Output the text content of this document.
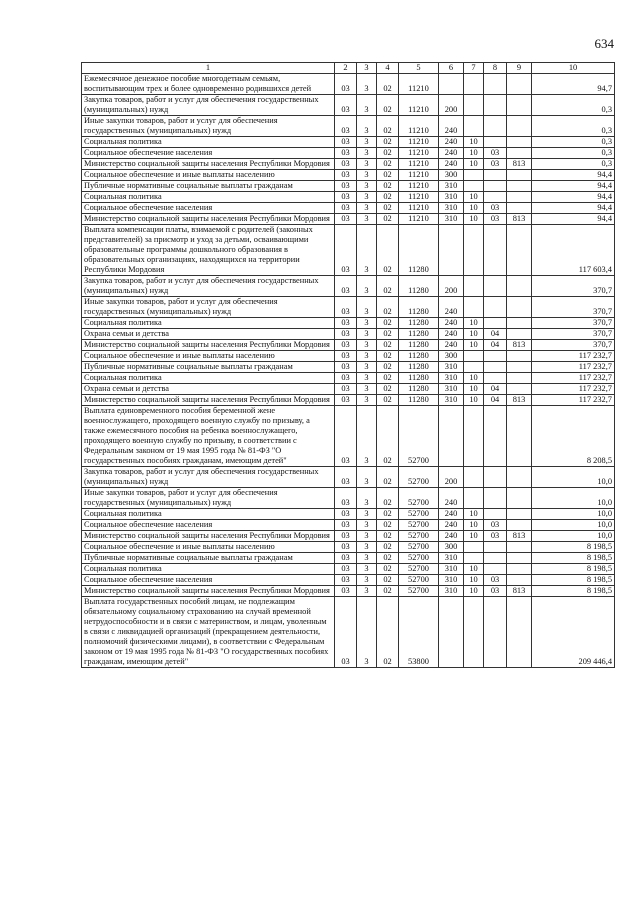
634
1	2	3	4	5	6	7	8	9	10
Ежемесячное денежное пособие многодетным семьям, воспитывающим трех и более одновременно родившихся детей	03	3	02	11210					94,7
Закупка товаров, работ и услуг для обеспечения государственных (муниципальных) нужд	03	3	02	11210	200				0,3
Иные закупки товаров, работ и услуг для обеспечения государственных (муниципальных) нужд	03	3	02	11210	240				0,3
Социальная политика	03	3	02	11210	240	10			0,3
Социальное обеспечение населения	03	3	02	11210	240	10	03		0,3
Министерство социальной защиты населения Республики Мордовия	03	3	02	11210	240	10	03	813	0,3
Социальное обеспечение и иные выплаты населению	03	3	02	11210	300				94,4
Публичные нормативные социальные выплаты гражданам	03	3	02	11210	310				94,4
Социальная политика	03	3	02	11210	310	10			94,4
Социальное обеспечение населения	03	3	02	11210	310	10	03		94,4
Министерство социальной защиты населения Республики Мордовия	03	3	02	11210	310	10	03	813	94,4
Выплата компенсации платы, взимаемой с родителей (законных представителей) за присмотр и уход за детьми, осваивающими образовательные программы дошкольного образования в образовательных организациях, находящихся на территории Республики Мордовия	03	3	02	11280					117 603,4
Закупка товаров, работ и услуг для обеспечения государственных (муниципальных) нужд	03	3	02	11280	200				370,7
Иные закупки товаров, работ и услуг для обеспечения государственных (муниципальных) нужд	03	3	02	11280	240				370,7
Социальная политика	03	3	02	11280	240	10			370,7
Охрана семьи и детства	03	3	02	11280	240	10	04		370,7
Министерство социальной защиты населения Республики Мордовия	03	3	02	11280	240	10	04	813	370,7
Социальное обеспечение и иные выплаты населению	03	3	02	11280	300				117 232,7
Публичные нормативные социальные выплаты гражданам	03	3	02	11280	310				117 232,7
Социальная политика	03	3	02	11280	310	10			117 232,7
Охрана семьи и детства	03	3	02	11280	310	10	04		117 232,7
Министерство социальной защиты населения Республики Мордовия	03	3	02	11280	310	10	04	813	117 232,7
Выплата единовременного пособия беременной жене военнослужащего, проходящего военную службу по призыву, а также ежемесячного пособия на ребенка военнослужащего, проходящего военную службу по призыву, в соответствии с Федеральным законом от 19 мая 1995 года № 81-ФЗ "О государственных пособиях гражданам, имеющим детей"	03	3	02	52700					8 208,5
Закупка товаров, работ и услуг для обеспечения государственных (муниципальных) нужд	03	3	02	52700	200				10,0
Иные закупки товаров, работ и услуг для обеспечения государственных (муниципальных) нужд	03	3	02	52700	240				10,0
Социальная политика	03	3	02	52700	240	10			10,0
Социальное обеспечение населения	03	3	02	52700	240	10	03		10,0
Министерство социальной защиты населения Республики Мордовия	03	3	02	52700	240	10	03	813	10,0
Социальное обеспечение и иные выплаты населению	03	3	02	52700	300				8 198,5
Публичные нормативные социальные выплаты гражданам	03	3	02	52700	310				8 198,5
Социальная политика	03	3	02	52700	310	10			8 198,5
Социальное обеспечение населения	03	3	02	52700	310	10	03		8 198,5
Министерство социальной защиты населения Республики Мордовия	03	3	02	52700	310	10	03	813	8 198,5
Выплата государственных пособий лицам, не подлежащим обязательному социальному страхованию на случай временной нетрудоспособности и в связи с материнством, и лицам, уволенным в связи с ликвидацией организаций (прекращением деятельности, полномочий физическими лицами), в соответствии с Федеральным законом от 19 мая 1995 года № 81-ФЗ "О государственных пособиях гражданам, имеющим детей"	03	3	02	53800					209 446,4
